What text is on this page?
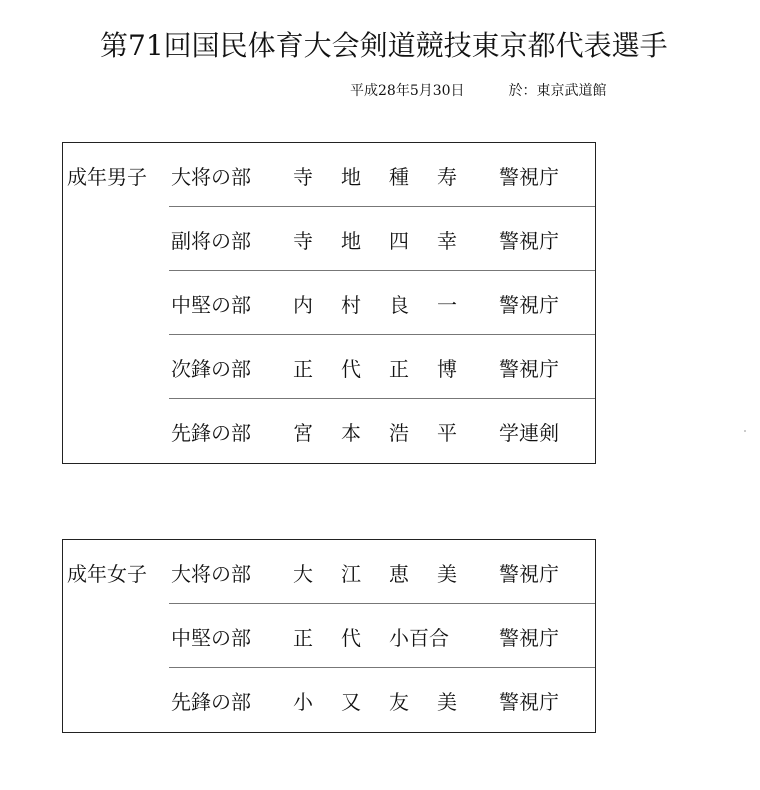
第71回国民体育大会剣道競技東京都代表選手
平成28年5月30日	於：東京武道館
成年男子 大将の部 寺 地 種 寿 警視庁
副将の部 寺 地 四 幸 警視庁
中堅の部 内 村 良 一 警視庁
次鋒の部 正 代 正 博 警視庁
先鋒の部 宮 本 浩 平 学連剣
成年女子 大将の部 大 江 恵 美 警視庁
中堅の部 正 代 小百合	警視庁
先鋒の部 小 又 友 美 警視庁
